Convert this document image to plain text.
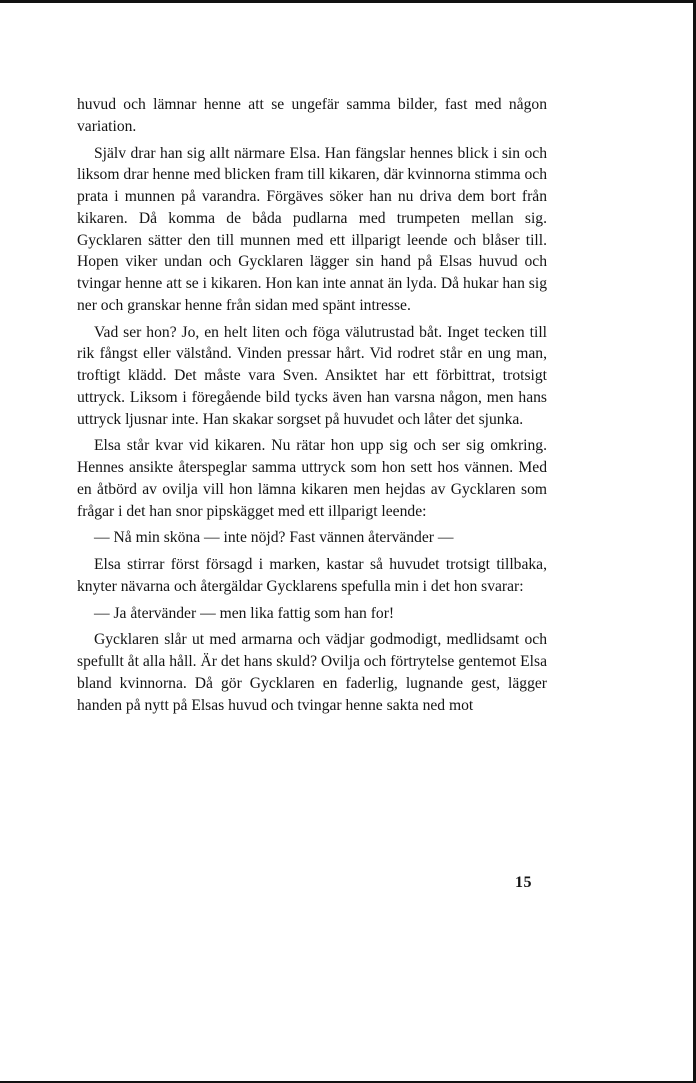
huvud och lämnar henne att se ungefär samma bilder, fast med någon variation.

Själv drar han sig allt närmare Elsa. Han fängslar hennes blick i sin och liksom drar henne med blicken fram till kikaren, där kvinnorna stimma och prata i munnen på varandra. Förgäves söker han nu driva dem bort från kikaren. Då komma de båda pudlarna med trumpeten mellan sig. Gycklaren sätter den till munnen med ett illparigt leende och blåser till. Hopen viker undan och Gycklaren lägger sin hand på Elsas huvud och tvingar henne att se i kikaren. Hon kan inte annat än lyda. Då hukar han sig ner och granskar henne från sidan med spänt intresse.

Vad ser hon? Jo, en helt liten och föga välutrustad båt. Inget tecken till rik fångst eller välstånd. Vinden pressar hårt. Vid rodret står en ung man, troftigt klädd. Det måste vara Sven. Ansiktet har ett förbittrat, trotsigt uttryck. Liksom i föregående bild tycks även han varsna någon, men hans uttryck ljusnar inte. Han skakar sorgset på huvudet och låter det sjunka.

Elsa står kvar vid kikaren. Nu rätar hon upp sig och ser sig omkring. Hennes ansikte återspeglar samma uttryck som hon sett hos vännen. Med en åtbörd av ovilja vill hon lämna kikaren men hejdas av Gycklaren som frågar i det han snor pipskägget med ett illparigt leende:

— Nå min sköna — inte nöjd? Fast vännen återvänder —

Elsa stirrar först försagd i marken, kastar så huvudet trotsigt tillbaka, knyter nävarna och återgäldar Gycklarens spefulla min i det hon svarar:

— Ja återvänder — men lika fattig som han for!

Gycklaren slår ut med armarna och vädjar godmodigt, medlidsamt och spefullt åt alla håll. Är det hans skuld? Ovilja och förtrytelse gentemot Elsa bland kvinnorna. Då gör Gycklaren en faderlig, lugnande gest, lägger handen på nytt på Elsas huvud och tvingar henne sakta ned mot

15
